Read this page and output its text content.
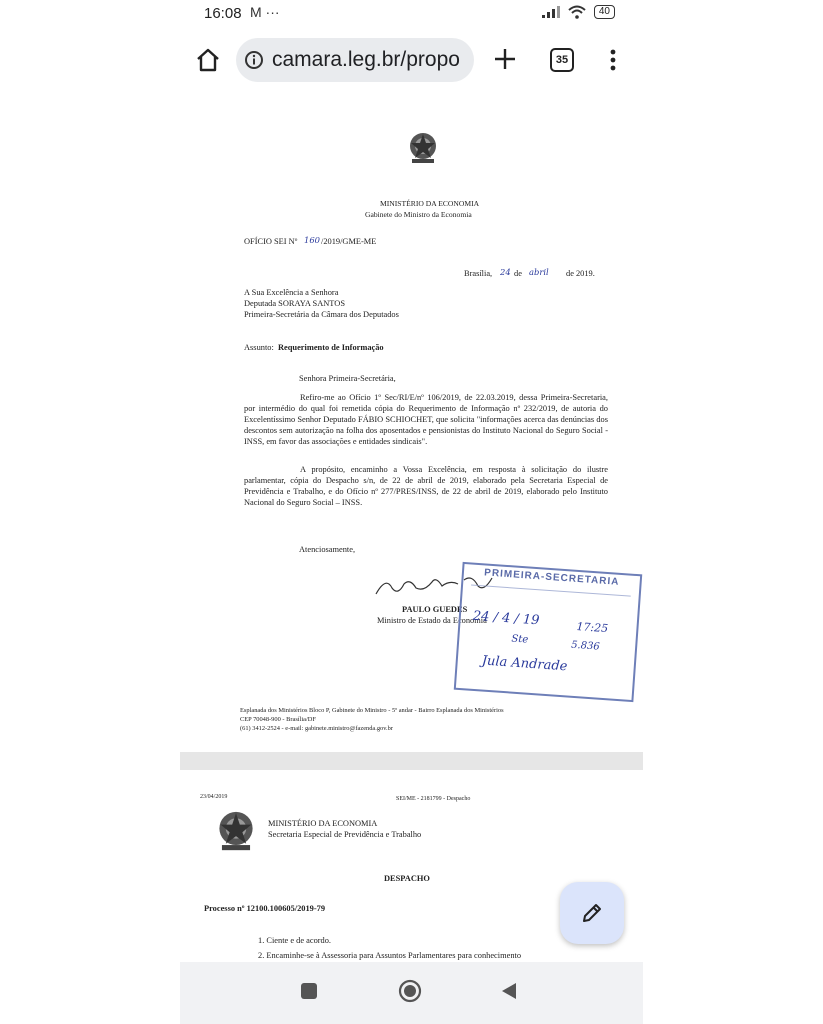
16:08 M ···	40
camara.leg.br/propo	35
MINISTÉRIO DA ECONOMIA
Gabinete do Ministro da Economia
OFÍCIO SEI Nº 160 /2019/GME-ME
Brasília, 24 de abril de 2019.
A Sua Excelência a Senhora
Deputada SORAYA SANTOS
Primeira-Secretária da Câmara dos Deputados
Assunto: Requerimento de Informação
Senhora Primeira-Secretária,

Refiro-me ao Ofício 1º Sec/RI/E/nº 106/2019, de 22.03.2019, dessa Primeira-Secretaria, por intermédio do qual foi remetida cópia do Requerimento de Informação nº 232/2019, de autoria do Excelentíssimo Senhor Deputado FÁBIO SCHIOCHET, que solicita "informações acerca das denúncias dos descontos sem autorização na folha dos aposentados e pensionistas do Instituto Nacional do Seguro Social - INSS, em favor das associações e entidades sindicais".

A propósito, encaminho a Vossa Excelência, em resposta à solicitação do ilustre parlamentar, cópia do Despacho s/n, de 22 de abril de 2019, elaborado pela Secretaria Especial de Previdência e Trabalho, e do Ofício nº 277/PRES/INSS, de 22 de abril de 2019, elaborado pelo Instituto Nacional do Seguro Social – INSS.

Atenciosamente,
PAULO GUEDES
Ministro de Estado da Economia
PRIMEIRA-SECRETARIA
24 / 4 / 19	17:25
Ste
5.836
Jula Andrade
Esplanada dos Ministérios Bloco P, Gabinete do Ministro - 5º andar - Bairro Esplanada dos Ministérios
CEP 70048-900 - Brasília/DF
(61) 3412-2524 - e-mail: gabinete.ministro@fazenda.gov.br
23/04/2019	SEI/ME - 2181799 - Despacho
MINISTÉRIO DA ECONOMIA
Secretaria Especial de Previdência e Trabalho
DESPACHO
Processo nº 12100.100605/2019-79
1. Ciente e de acordo.
2. Encaminhe-se à Assessoria para Assuntos Parlamentares para conhecimento
